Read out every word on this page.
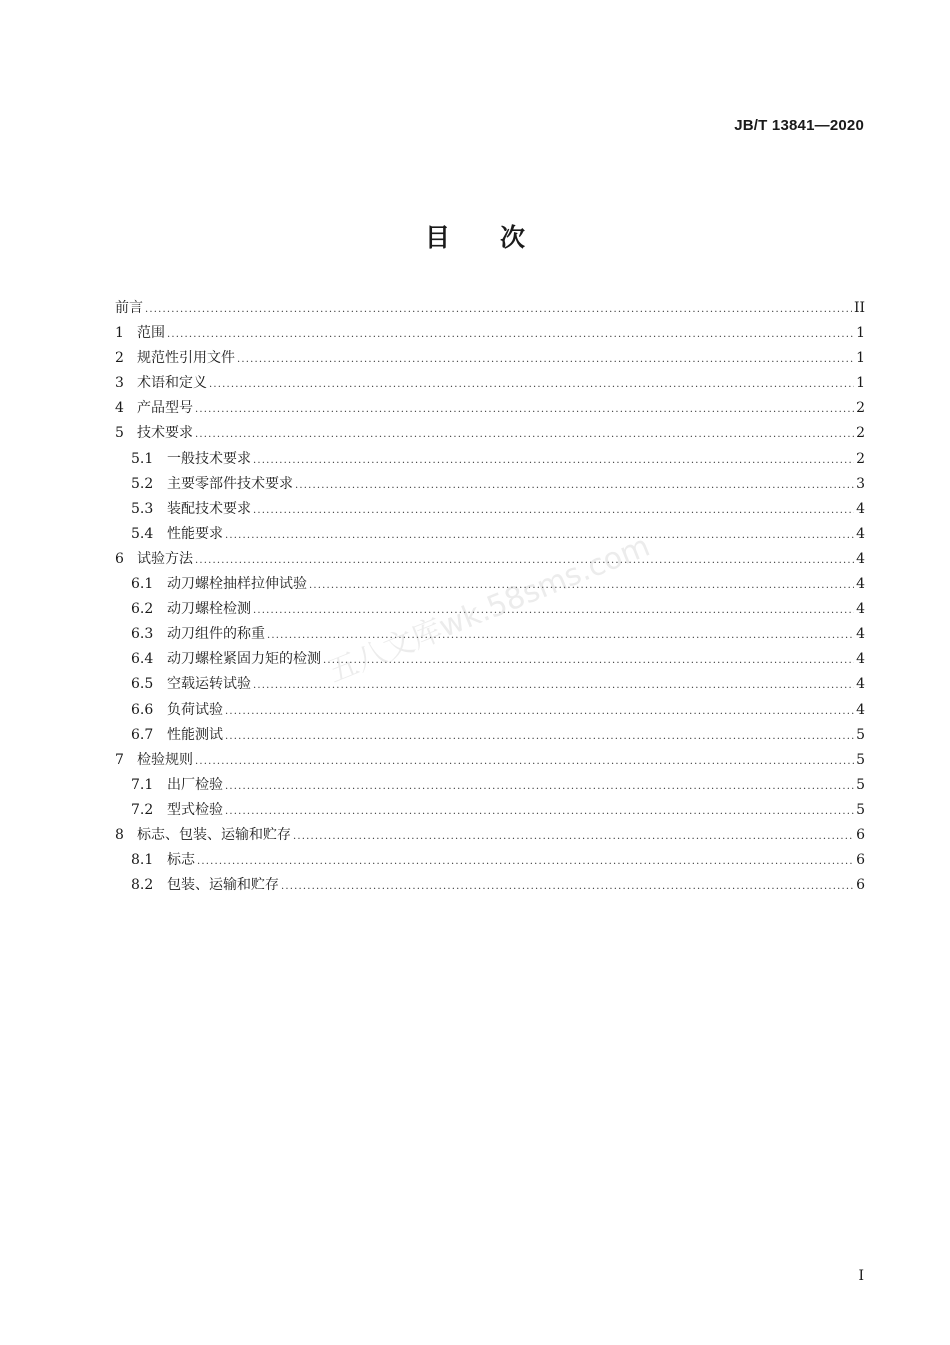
JB/T 13841—2020
目 次
前言 .....	II
1 范围 .....	1
2 规范性引用文件 .....	1
3 术语和定义 .....	1
4 产品型号 .....	2
5 技术要求 .....	2
5.1 一般技术要求 .....	2
5.2 主要零部件技术要求 .....	3
5.3 装配技术要求 .....	4
5.4 性能要求 .....	4
6 试验方法 .....	4
6.1 动刀螺栓抽样拉伸试验 .....	4
6.2 动刀螺栓检测 .....	4
6.3 动刀组件的称重 .....	4
6.4 动刀螺栓紧固力矩的检测 .....	4
6.5 空载运转试验 .....	4
6.6 负荷试验 .....	4
6.7 性能测试 .....	5
7 检验规则 .....	5
7.1 出厂检验 .....	5
7.2 型式检验 .....	5
8 标志、包装、运输和贮存 .....	6
8.1 标志 .....	6
8.2 包装、运输和贮存 .....	6
五八文库wk.58sms.com
I
